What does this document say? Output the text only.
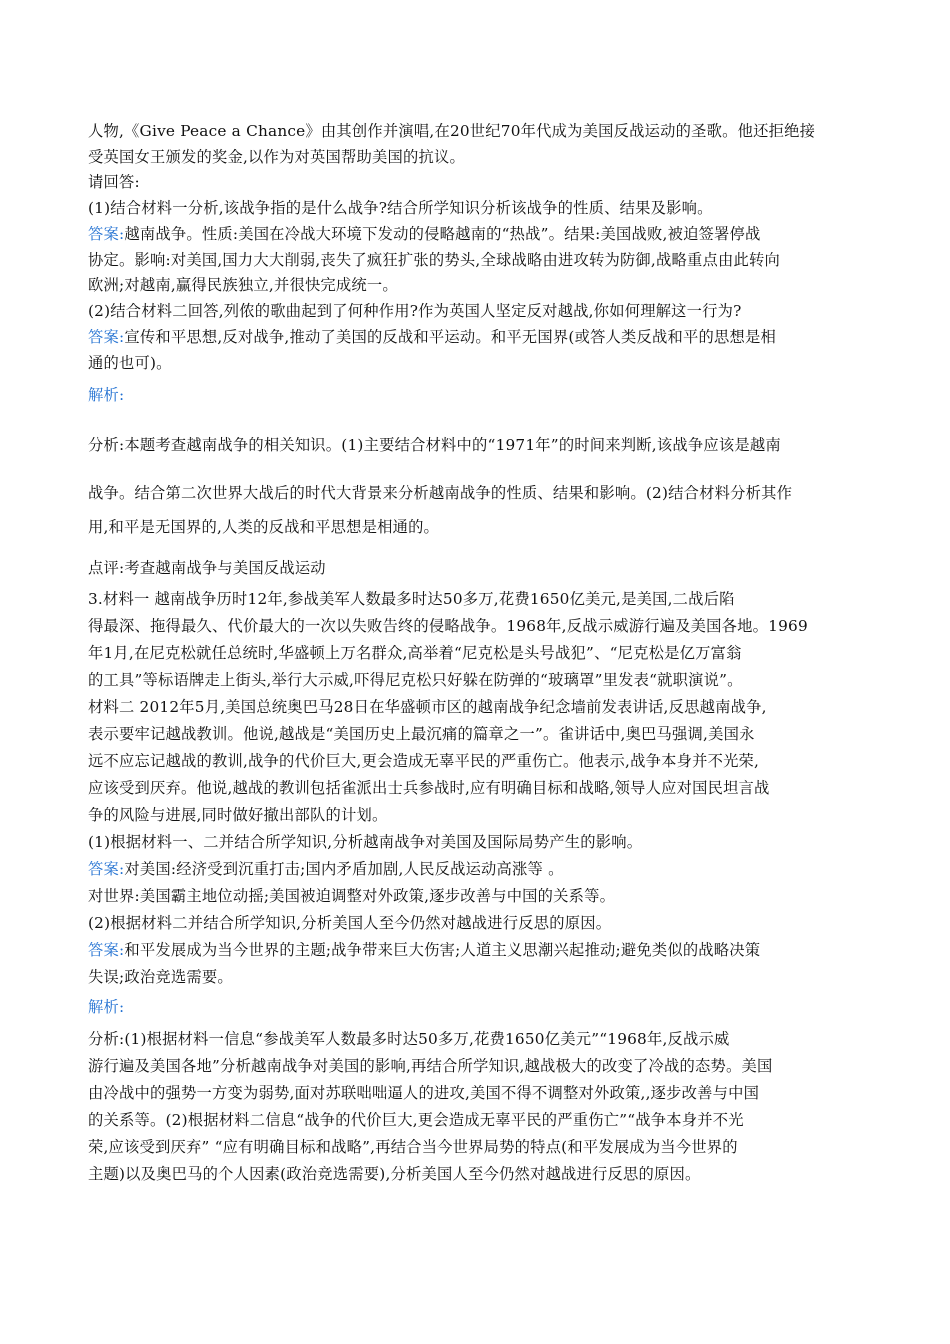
人物,《Give Peace a Chance》由其创作并演唱,在20世纪70年代成为美国反战运动的圣歌。他还拒绝接
受英国女王颁发的奖金,以作为对英国帮助美国的抗议。
请回答:
(1)结合材料一分析,该战争指的是什么战争?结合所学知识分析该战争的性质、结果及影响。
答案:越南战争。性质:美国在冷战大环境下发动的侵略越南的“热战”。结果:美国战败,被迫签署停战
协定。影响:对美国,国力大大削弱,丧失了疯狂扩张的势头,全球战略由进攻转为防御,战略重点由此转向
欧洲;对越南,赢得民族独立,并很快完成统一。
(2)结合材料二回答,列侬的歌曲起到了何种作用?作为英国人坚定反对越战,你如何理解这一行为?
答案:宣传和平思想,反对战争,推动了美国的反战和平运动。和平无国界(或答人类反战和平的思想是相
通的也可)。
解析:
分析:本题考查越南战争的相关知识。(1)主要结合材料中的“1971年”的时间来判断,该战争应该是越南
战争。结合第二次世界大战后的时代大背景来分析越南战争的性质、结果和影响。(2)结合材料分析其作
用,和平是无国界的,人类的反战和平思想是相通的。
点评:考查越南战争与美国反战运动
3.材料一 越南战争历时12年,参战美军人数最多时达50多万,花费1650亿美元,是美国,二战后陷
得最深、拖得最久、代价最大的一次以失败告终的侵略战争。1968年,反战示威游行遍及美国各地。1969
年1月,在尼克松就任总统时,华盛顿上万名群众,高举着“尼克松是头号战犯”、“尼克松是亿万富翁
的工具”等标语牌走上街头,举行大示威,吓得尼克松只好躲在防弹的“玻璃罩”里发表“就职演说”。
材料二 2012年5月,美国总统奥巴马28日在华盛顿市区的越南战争纪念墙前发表讲话,反思越南战争,
表示要牢记越战教训。他说,越战是“美国历史上最沉痛的篇章之一”。雀讲话中,奥巴马强调,美国永
远不应忘记越战的教训,战争的代价巨大,更会造成无辜平民的严重伤亡。他表示,战争本身并不光荣,
应该受到厌弃。他说,越战的教训包括雀派出士兵参战时,应有明确目标和战略,领导人应对国民坦言战
争的风险与进展,同时做好撤出部队的计划。
(1)根据材料一、二并结合所学知识,分析越南战争对美国及国际局势产生的影响。
答案:对美国:经济受到沉重打击;国内矛盾加剧,人民反战运动高涨等 。
对世界:美国霸主地位动摇;美国被迫调整对外政策,逐步改善与中国的关系等。
(2)根据材料二并结合所学知识,分析美国人至今仍然对越战进行反思的原因。
答案:和平发展成为当今世界的主题;战争带来巨大伤害;人道主义思潮兴起推动;避免类似的战略决策
失误;政治竞选需要。
解析:
分析:(1)根据材料一信息“参战美军人数最多时达50多万,花费1650亿美元”“1968年,反战示威
游行遍及美国各地”分析越南战争对美国的影响,再结合所学知识,越战极大的改变了冷战的态势。美国
由冷战中的强势一方变为弱势,面对苏联咄咄逼人的进攻,美国不得不调整对外政策,,逐步改善与中国
的关系等。(2)根据材料二信息“战争的代价巨大,更会造成无辜平民的严重伤亡”“战争本身并不光
荣,应该受到厌弃” “应有明确目标和战略”,再结合当今世界局势的特点(和平发展成为当今世界的
主题)以及奥巴马的个人因素(政治竞选需要),分析美国人至今仍然对越战进行反思的原因。
